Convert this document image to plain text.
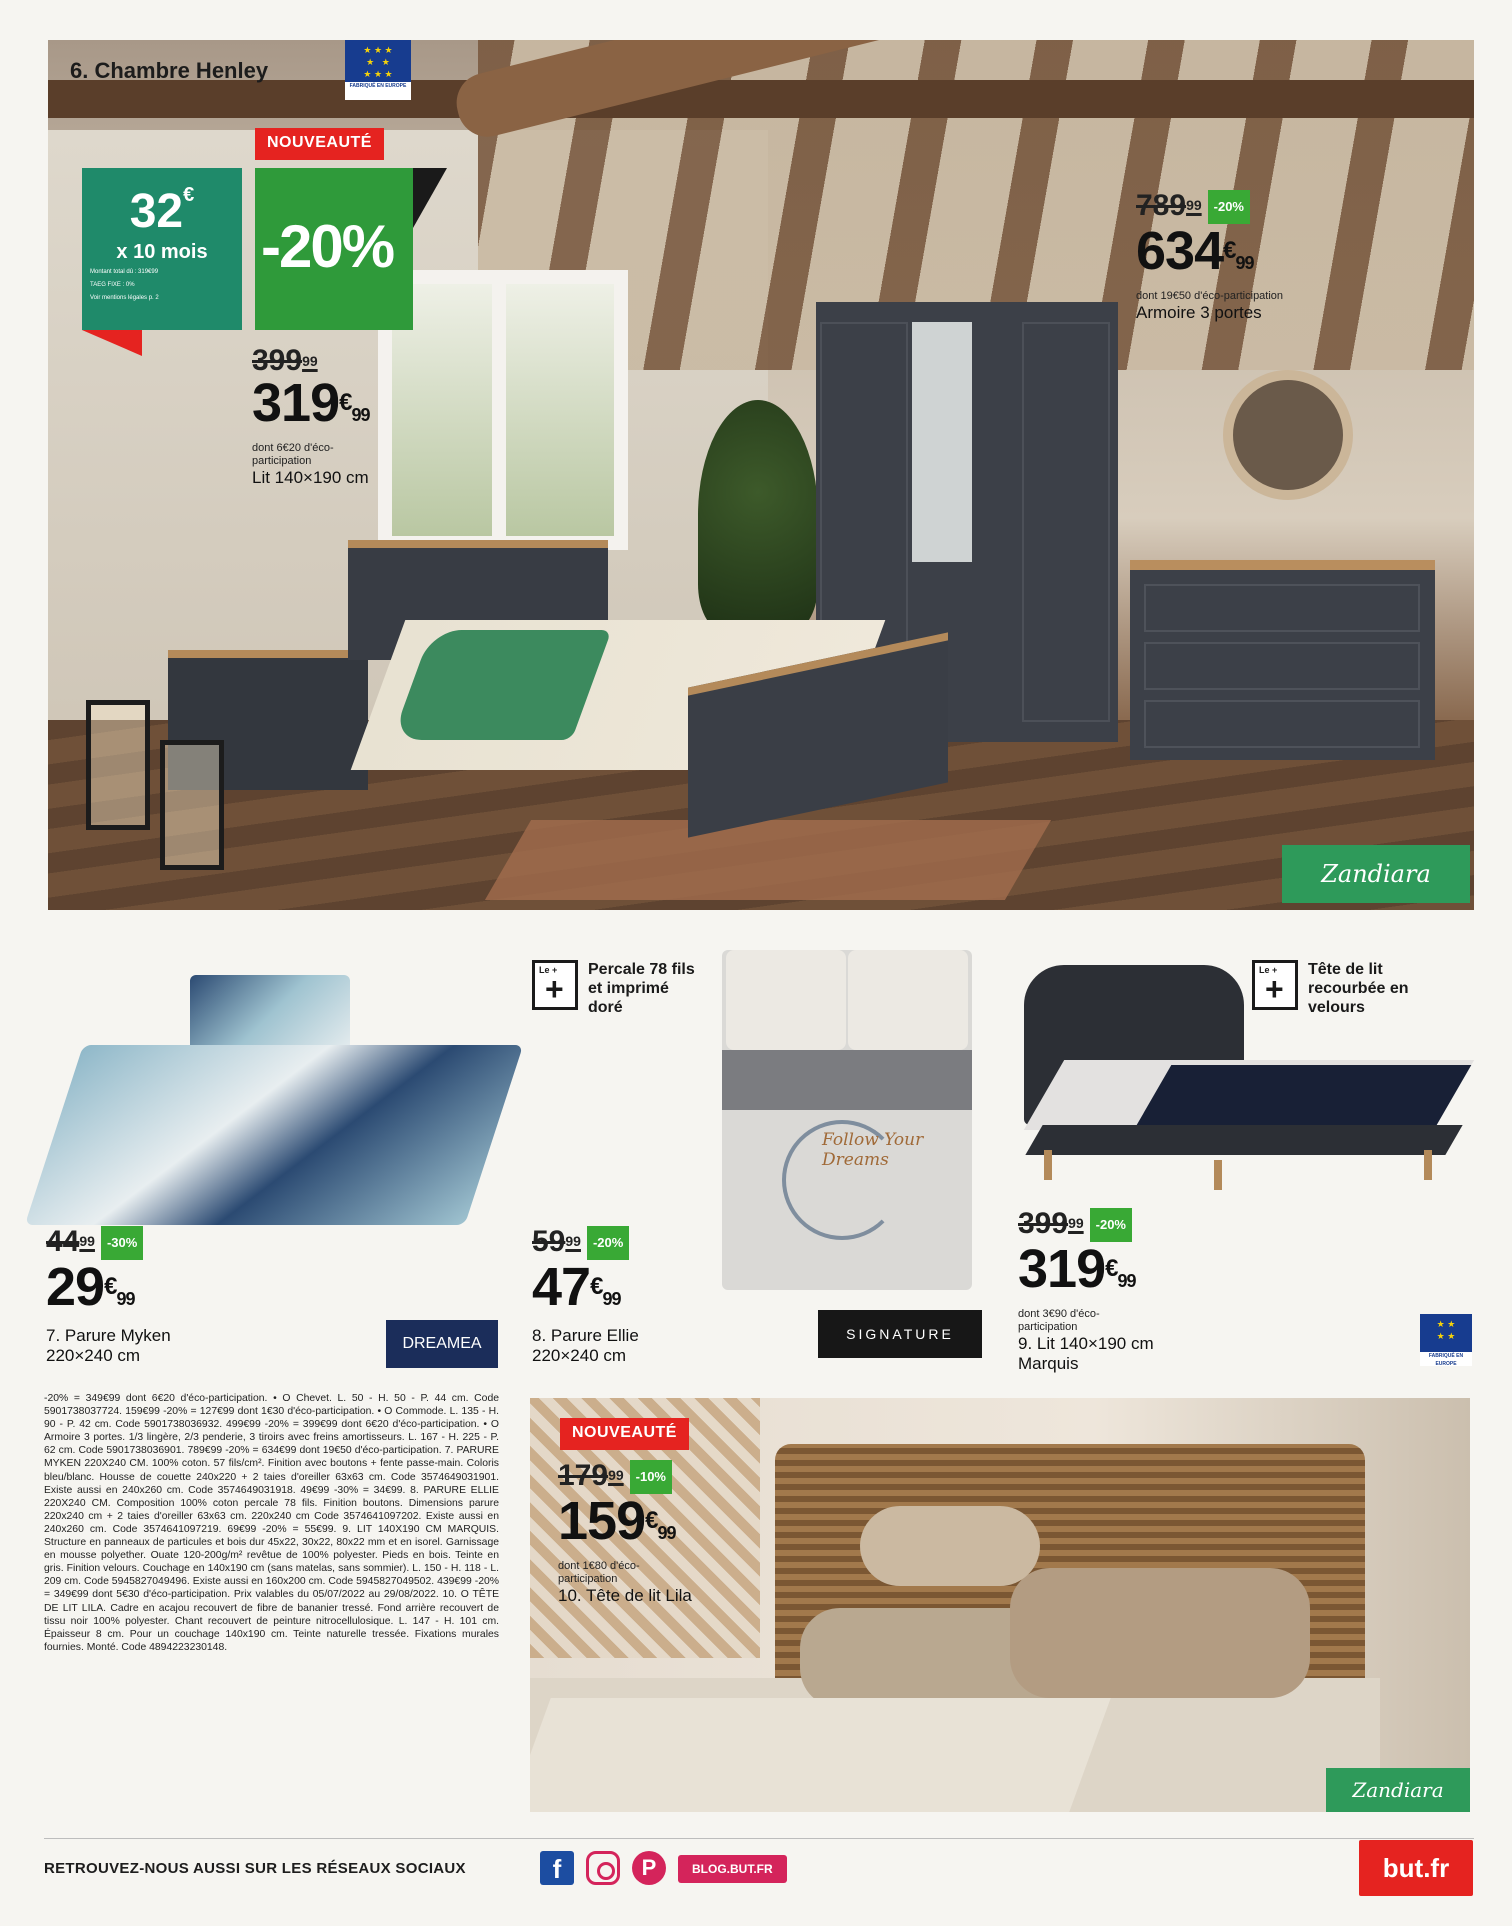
6. Chambre Henley
★ ★ ★
★   ★
★ ★ ★
FABRIQUÉ EN EUROPE
NOUVEAUTÉ
32€
x 10 mois
Montant total dû : 319€99
TAEG FIXE : 0%
Voir mentions légales p. 2
-20%
$399^{99}$
319€99
dont 6€20 d'éco-participation
Lit 140×190 cm
$789^{99}$ -20%
634€99
dont 19€50 d'éco-participation
Armoire 3 portes
Zandiara
$44^{99}$ -30%
29€99
7. Parure Myken
220×240 cm
DREAMEA
Le +
+
Percale 78 fils et imprimé doré
Follow Your Dreams
$59^{99}$ -20%
47€99
8. Parure Ellie
220×240 cm
SIGNATURE
Le +
+
Tête de lit recourbée en velours
$399^{99}$ -20%
319€99
dont 3€90 d'éco-participation
9. Lit 140×190 cm
Marquis
★ ★
★ ★
FABRIQUÉ EN EUROPE
-20% = 349€99 dont 6€20 d'éco-participation. • O Chevet. L. 50 - H. 50 - P. 44 cm. Code 5901738037724. 159€99 -20% = 127€99 dont 1€30 d'éco-participation. • O Commode. L. 135 - H. 90 - P. 42 cm. Code 5901738036932. 499€99 -20% = 399€99 dont 6€20 d'éco-participation. • O Armoire 3 portes. 1/3 lingère, 2/3 penderie, 3 tiroirs avec freins amortisseurs. L. 167 - H. 225 - P. 62 cm. Code 5901738036901. 789€99 -20% = 634€99 dont 19€50 d'éco-participation. 7. PARURE MYKEN 220X240 CM. 100% coton. 57 fils/cm². Finition avec boutons + fente passe-main. Coloris bleu/blanc. Housse de couette 240x220 + 2 taies d'oreiller 63x63 cm. Code 3574649031901. Existe aussi en 240x260 cm. Code 3574649031918. 49€99 -30% = 34€99. 8. PARURE ELLIE 220X240 CM. Composition 100% coton percale 78 fils. Finition boutons. Dimensions parure 220x240 cm + 2 taies d'oreiller 63x63 cm. 220x240 cm Code 3574641097202. Existe aussi en 240x260 cm. Code 3574641097219. 69€99 -20% = 55€99. 9. LIT 140X190 CM MARQUIS. Structure en panneaux de particules et bois dur 45x22, 30x22, 80x22 mm et en isorel. Garnissage en mousse polyether. Ouate 120-200g/m² revêtue de 100% polyester. Pieds en bois. Teinte en gris. Finition velours. Couchage en 140x190 cm (sans matelas, sans sommier). L. 150 - H. 118 - L. 209 cm. Code 5945827049496. Existe aussi en 160x200 cm. Code 5945827049502. 439€99 -20% = 349€99 dont 5€30 d'éco-participation. Prix valables du 05/07/2022 au 29/08/2022. 10. O TÊTE DE LIT LILA. Cadre en acajou recouvert de fibre de bananier tressé. Fond arrière recouvert de tissu noir 100% polyester. Chant recouvert de peinture nitrocellulosique. L. 147 - H. 101 cm. Épaisseur 8 cm. Pour un couchage 140x190 cm. Teinte naturelle tressée. Fixations murales fournies. Monté. Code 4894223230148.
NOUVEAUTÉ
$179^{99}$ -10%
159€99
dont 1€80 d'éco-participation
10. Tête de lit Lila
Zandiara
RETROUVEZ-NOUS AUSSI SUR LES RÉSEAUX SOCIAUX	f	P	BLOG.BUT.FR	but.fr
